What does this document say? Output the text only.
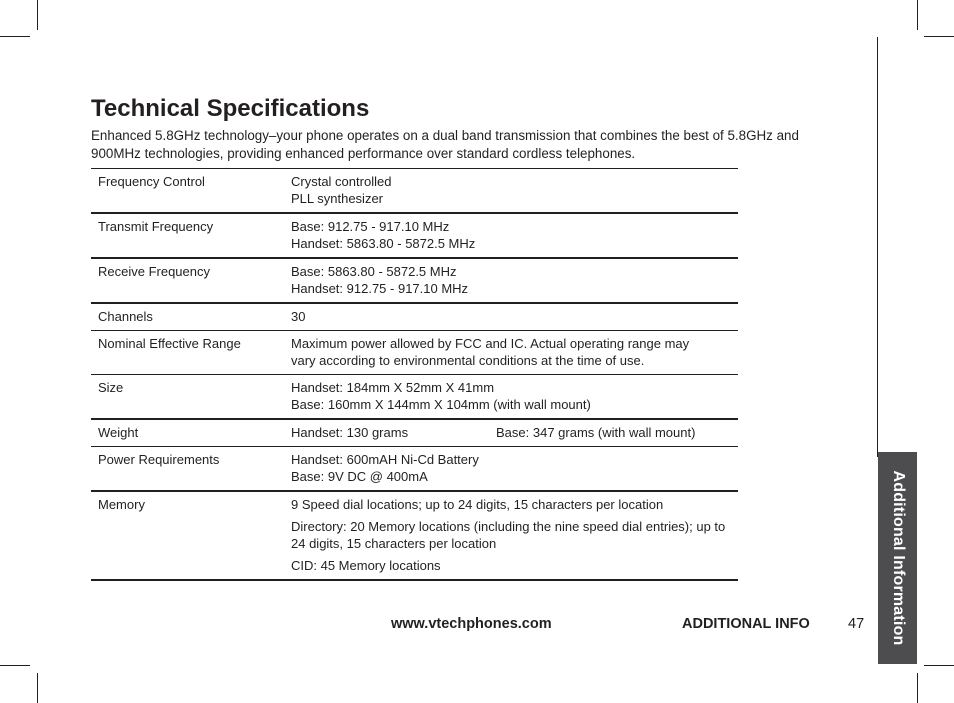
Additional Information
Technical Specifications

Enhanced 5.8GHz technology–your phone operates on a dual band transmission that combines the best of 5.8GHz and 900MHz technologies, providing enhanced performance over standard cordless telephones.

Frequency Control	Crystal controlled
PLL synthesizer

Transmit Frequency	Base: 912.75 - 917.10 MHz
Handset: 5863.80 - 5872.5 MHz

Receive Frequency	Base: 5863.80 - 5872.5 MHz
Handset: 912.75 - 917.10 MHz

Channels	30
Nominal Effective Range	Maximum power allowed by FCC and IC. Actual operating range may
vary according to environmental conditions at the time of use.

Size	Handset: 184mm X 52mm X 41mm
Base: 160mm X 144mm X 104mm (with wall mount)

Weight	Handset: 130 grams Base: 347 grams (with wall mount)

Power Requirements	Handset: 600mAH Ni-Cd Battery
Base: 9V DC @ 400mA

Memory	9 Speed dial locations; up to 24 digits, 15 characters per location
Directory: 20 Memory locations (including the nine speed dial entries); up to 24 digits, 15 characters per location
CID: 45 Memory locations
www.vtechphones.com	ADDITIONAL INFO	47
